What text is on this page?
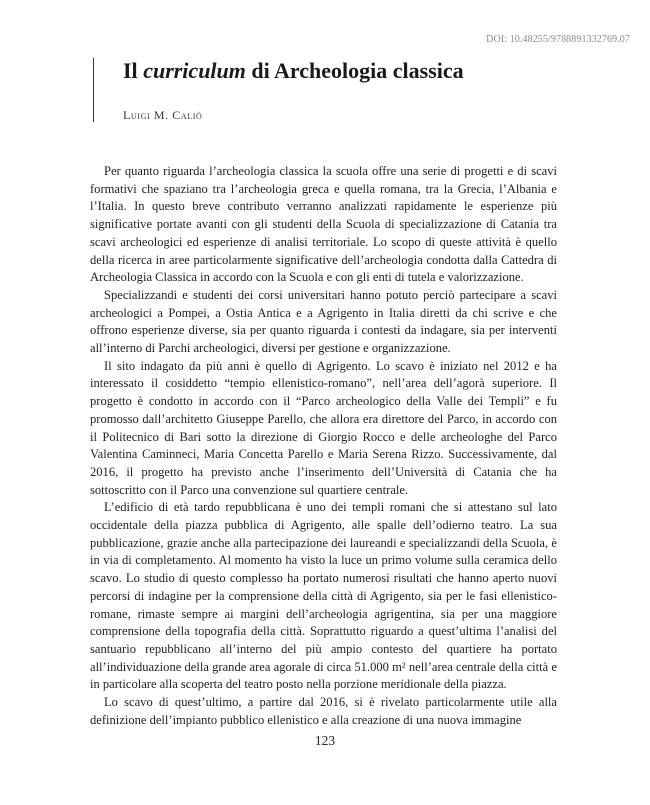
DOI: 10.48255/9788891332769.07
Il curriculum di Archeologia classica
Luigi M. Caliò

Per quanto riguarda l’archeologia classica la scuola offre una serie di progetti e di scavi formativi che spaziano tra l’archeologia greca e quella romana, tra la Grecia, l’Albania e l’Italia. In questo breve contributo verranno analizzati rapidamente le esperienze più significative portate avanti con gli studenti della Scuola di specializzazione di Catania tra scavi archeologici ed esperienze di analisi territoriale. Lo scopo di queste attività è quello della ricerca in aree particolarmente significative dell’archeologia condotta dalla Cattedra di Archeologia Classica in accordo con la Scuola e con gli enti di tutela e valorizzazione.

Specializzandi e studenti dei corsi universitari hanno potuto perciò partecipare a scavi archeologici a Pompei, a Ostia Antica e a Agrigento in Italia diretti da chi scrive e che offrono esperienze diverse, sia per quanto riguarda i contesti da indagare, sia per interventi all’interno di Parchi archeologici, diversi per gestione e organizzazione.

Il sito indagato da più anni è quello di Agrigento. Lo scavo è iniziato nel 2012 e ha interessato il cosiddetto “tempio ellenistico-romano”, nell’area dell’agorà superiore. Il progetto è condotto in accordo con il “Parco archeologico della Valle dei Templi” e fu promosso dall’architetto Giuseppe Parello, che allora era direttore del Parco, in accordo con il Politecnico di Bari sotto la direzione di Giorgio Rocco e delle archeologhe del Parco Valentina Caminneci, Maria Concetta Parello e Maria Serena Rizzo. Successivamente, dal 2016, il progetto ha previsto anche l’inserimento dell’Università di Catania che ha sottoscritto con il Parco una convenzione sul quartiere centrale.

L’edificio di età tardo repubblicana è uno dei templi romani che si attestano sul lato occidentale della piazza pubblica di Agrigento, alle spalle dell’odierno teatro. La sua pubblicazione, grazie anche alla partecipazione dei laureandi e specializzandi della Scuola, è in via di completamento. Al momento ha visto la luce un primo volume sulla ceramica dello scavo. Lo studio di questo complesso ha portato numerosi risultati che hanno aperto nuovi percorsi di indagine per la comprensione della città di Agrigento, sia per le fasi ellenistico-romane, rimaste sempre ai margini dell’archeologia agrigentina, sia per una maggiore comprensione della topografia della città. Soprattutto riguardo a quest’ultima l’analisi del santuario repubblicano all’interno del più ampio contesto del quartiere ha portato all’individuazione della grande area agorale di circa 51.000 m² nell’area centrale della città e in particolare alla scoperta del teatro posto nella porzione meridionale della piazza.

Lo scavo di quest’ultimo, a partire dal 2016, si è rivelato particolarmente utile alla definizione dell’impianto pubblico ellenistico e alla creazione di una nuova immagine

123
